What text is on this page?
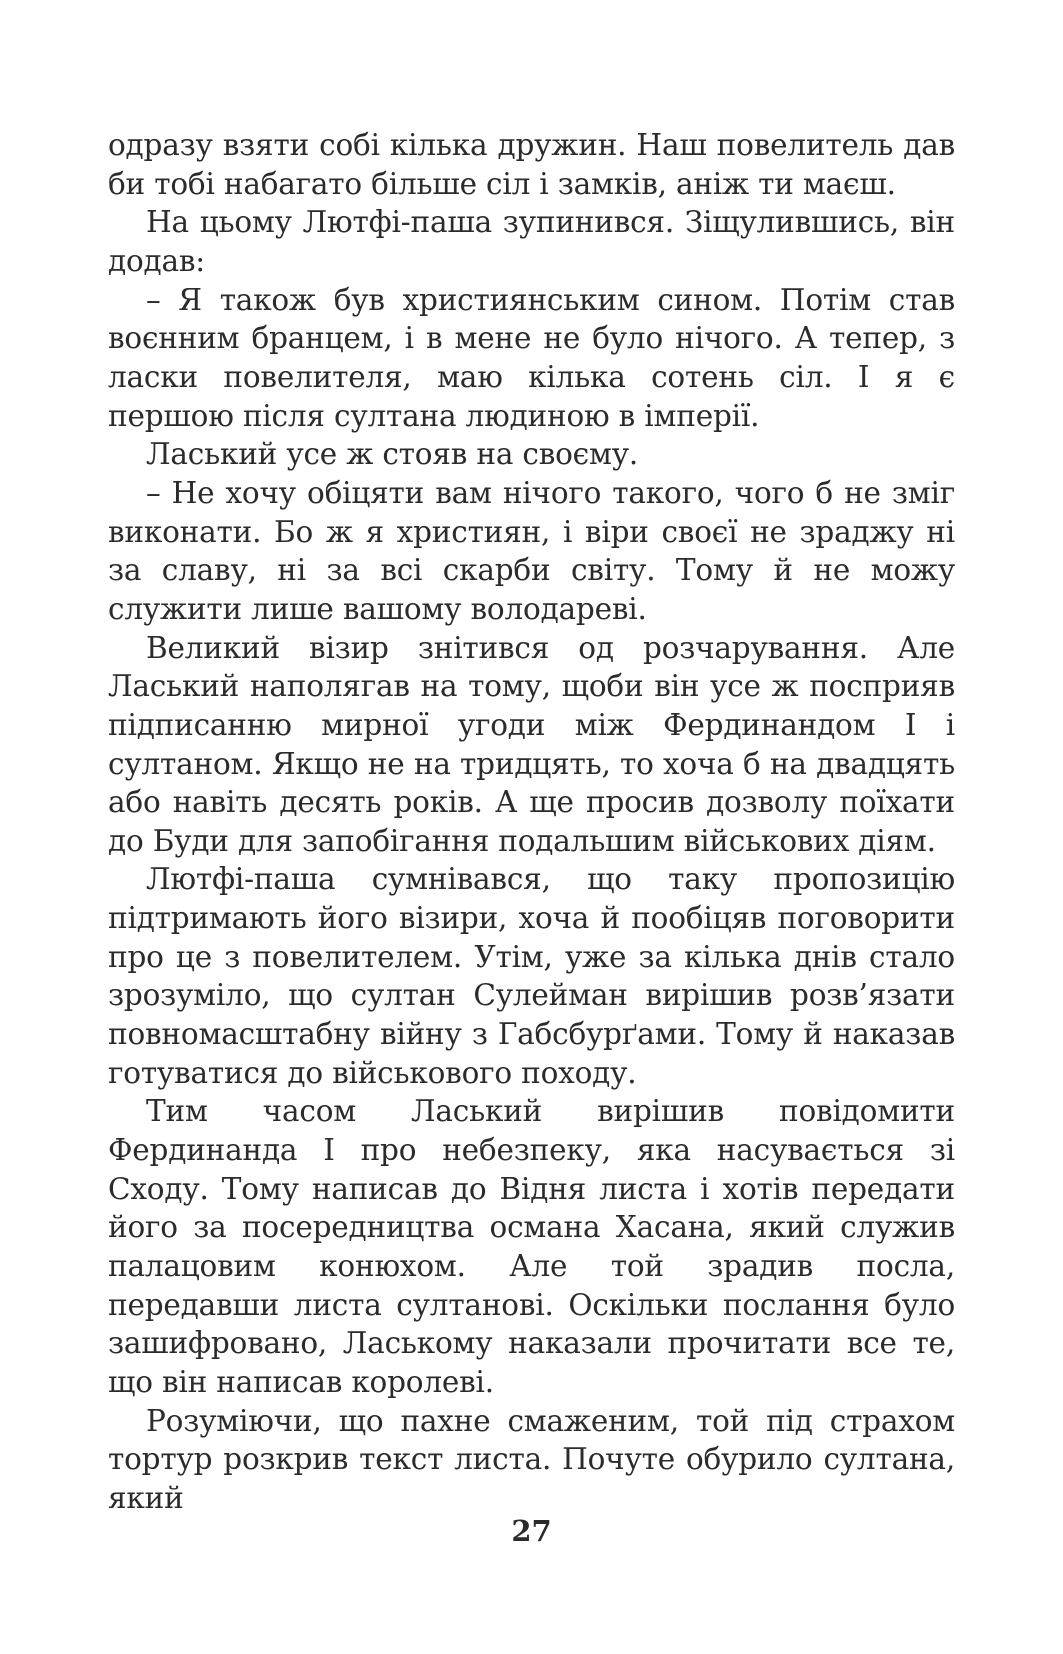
одразу взяти собі кілька дружин. Наш повелитель дав би тобі набагато більше сіл і замків, аніж ти маєш.

На цьому Лютфі-паша зупинився. Зіщулившись, він додав:

– Я також був християнським сином. Потім став воєнним бранцем, і в мене не було нічого. А тепер, з ласки повелителя, маю кілька сотень сіл. І я є першою після султана людиною в імперії.

Ласький усе ж стояв на своєму.

– Не хочу обіцяти вам нічого такого, чого б не зміг виконати. Бо ж я християн, і віри своєї не зраджу ні за славу, ні за всі скарби світу. Тому й не можу служити лише вашому володареві.

Великий візир знітився од розчарування. Але Ласький наполягав на тому, щоби він усе ж посприяв підписанню мирної угоди між Фердинандом I і султаном. Якщо не на тридцять, то хоча б на двадцять або навіть десять років. А ще просив дозволу поїхати до Буди для запобігання подальшим військових діям.

Лютфі-паша сумнівався, що таку пропозицію підтримають його візири, хоча й пообіцяв поговорити про це з повелителем. Утім, уже за кілька днів стало зрозуміло, що султан Сулейман вирішив розв’язати повномасштабну війну з Габсбурґами. Тому й наказав готуватися до військового походу.

Тим часом Ласький вирішив повідомити Фердинанда I про небезпеку, яка насувається зі Сходу. Тому написав до Відня листа і хотів передати його за посередництва османа Хасана, який служив палацовим конюхом. Але той зрадив посла, передавши листа султанові. Оскільки послання було зашифровано, Лаському наказали прочитати все те, що він написав королеві.

Розуміючи, що пахне смаженим, той під страхом тортур розкрив текст листа. Почуте обурило султана, який

27
